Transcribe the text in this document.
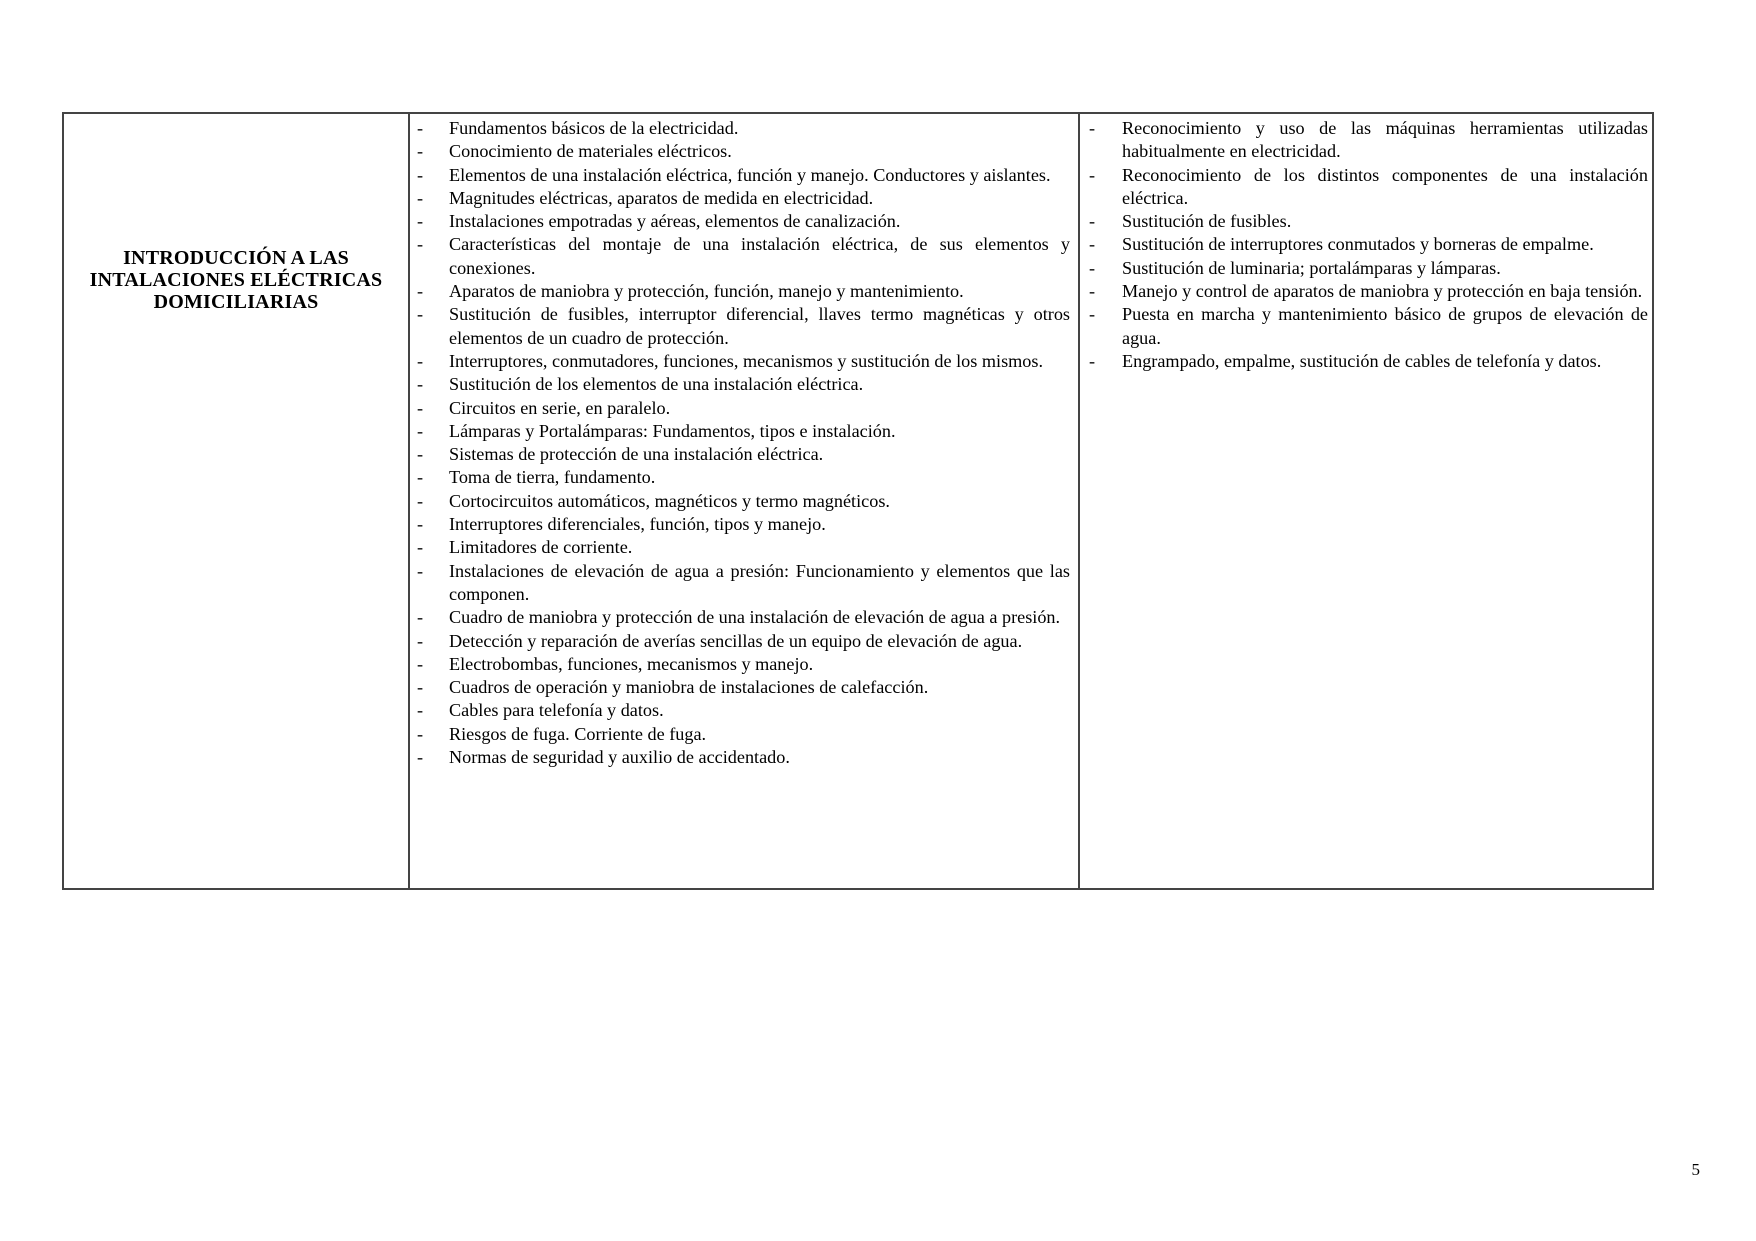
INTRODUCCIÓN A LAS
INTALACIONES ELÉCTRICAS
DOMICILIARIAS
- Fundamentos básicos de la electricidad.
- Conocimiento de materiales eléctricos.
- Elementos de una instalación eléctrica, función y manejo. Conductores y aislantes.
- Magnitudes eléctricas, aparatos de medida en electricidad.
- Instalaciones empotradas y aéreas, elementos de canalización.
- Características del montaje de una instalación eléctrica, de sus elementos y conexiones.
- Aparatos de maniobra y protección, función, manejo y mantenimiento.
- Sustitución de fusibles, interruptor diferencial, llaves termo magnéticas y otros elementos de un cuadro de protección.
- Interruptores, conmutadores, funciones, mecanismos y sustitución de los mismos.
- Sustitución de los elementos de una instalación eléctrica.
- Circuitos en serie, en paralelo.
- Lámparas y Portalámparas: Fundamentos, tipos e instalación.
- Sistemas de protección de una instalación eléctrica.
- Toma de tierra, fundamento.
- Cortocircuitos automáticos, magnéticos y termo magnéticos.
- Interruptores diferenciales, función, tipos y manejo.
- Limitadores de corriente.
- Instalaciones de elevación de agua a presión: Funcionamiento y elementos que las componen.
- Cuadro de maniobra y protección de una instalación de elevación de agua a presión.
- Detección y reparación de averías sencillas de un equipo de elevación de agua.
- Electrobombas, funciones, mecanismos y manejo.
- Cuadros de operación y maniobra de instalaciones de calefacción.
- Cables para telefonía y datos.
- Riesgos de fuga. Corriente de fuga.
- Normas de seguridad y auxilio de accidentado.
- Reconocimiento y uso de las máquinas herramientas utilizadas habitualmente en electricidad.
- Reconocimiento de los distintos componentes de una instalación eléctrica.
- Sustitución de fusibles.
- Sustitución de interruptores conmutados y borneras de empalme.
- Sustitución de luminaria; portalámparas y lámparas.
- Manejo y control de aparatos de maniobra y protección en baja tensión.
- Puesta en marcha y mantenimiento básico de grupos de elevación de agua.
- Engrampado, empalme, sustitución de cables de telefonía y datos.
5
